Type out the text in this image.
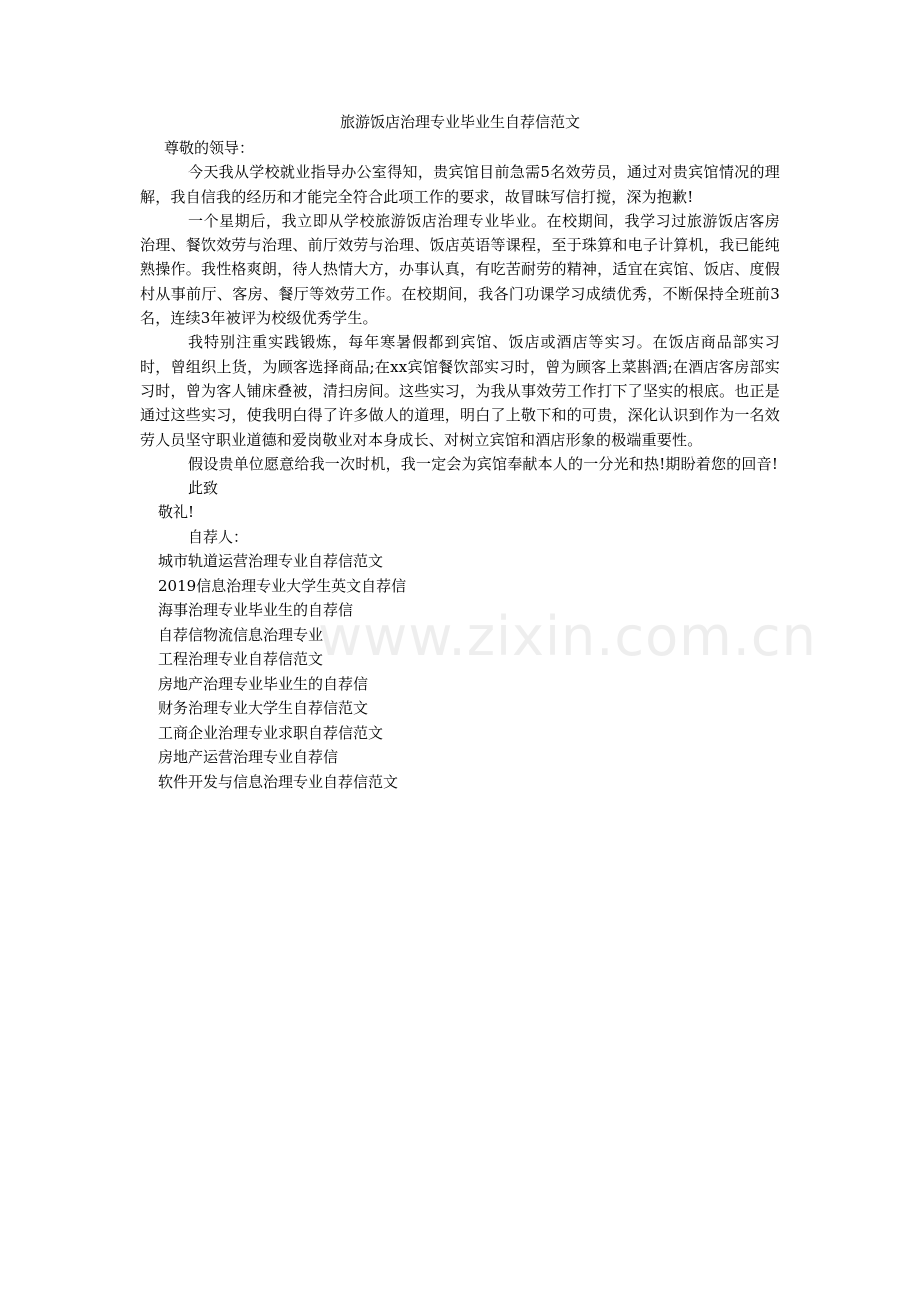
旅游饭店治理专业毕业生自荐信范文

尊敬的领导：

今天我从学校就业指导办公室得知，贵宾馆目前急需5名效劳员，通过对贵宾馆情况的理解，我自信我的经历和才能完全符合此项工作的要求，故冒昧写信打搅，深为抱歉!

一个星期后，我立即从学校旅游饭店治理专业毕业。在校期间，我学习过旅游饭店客房治理、餐饮效劳与治理、前厅效劳与治理、饭店英语等课程，至于珠算和电子计算机，我已能纯熟操作。我性格爽朗，待人热情大方，办事认真，有吃苦耐劳的精神，适宜在宾馆、饭店、度假村从事前厅、客房、餐厅等效劳工作。在校期间，我各门功课学习成绩优秀，不断保持全班前3名，连续3年被评为校级优秀学生。

我特别注重实践锻炼，每年寒暑假都到宾馆、饭店或酒店等实习。在饭店商品部实习时，曾组织上货，为顾客选择商品;在xx宾馆餐饮部实习时，曾为顾客上菜斟酒;在酒店客房部实习时，曾为客人铺床叠被，清扫房间。这些实习，为我从事效劳工作打下了坚实的根底。也正是通过这些实习，使我明白得了许多做人的道理，明白了上敬下和的可贵，深化认识到作为一名效劳人员坚守职业道德和爱岗敬业对本身成长、对树立宾馆和酒店形象的极端重要性。

假设贵单位愿意给我一次时机，我一定会为宾馆奉献本人的一分光和热!期盼着您的回音!

此致

敬礼!

自荐人：

城市轨道运营治理专业自荐信范文
2019信息治理专业大学生英文自荐信
海事治理专业毕业生的自荐信
自荐信物流信息治理专业
工程治理专业自荐信范文
房地产治理专业毕业生的自荐信
财务治理专业大学生自荐信范文
工商企业治理专业求职自荐信范文
房地产运营治理专业自荐信
软件开发与信息治理专业自荐信范文
www.zixin.com.cn
